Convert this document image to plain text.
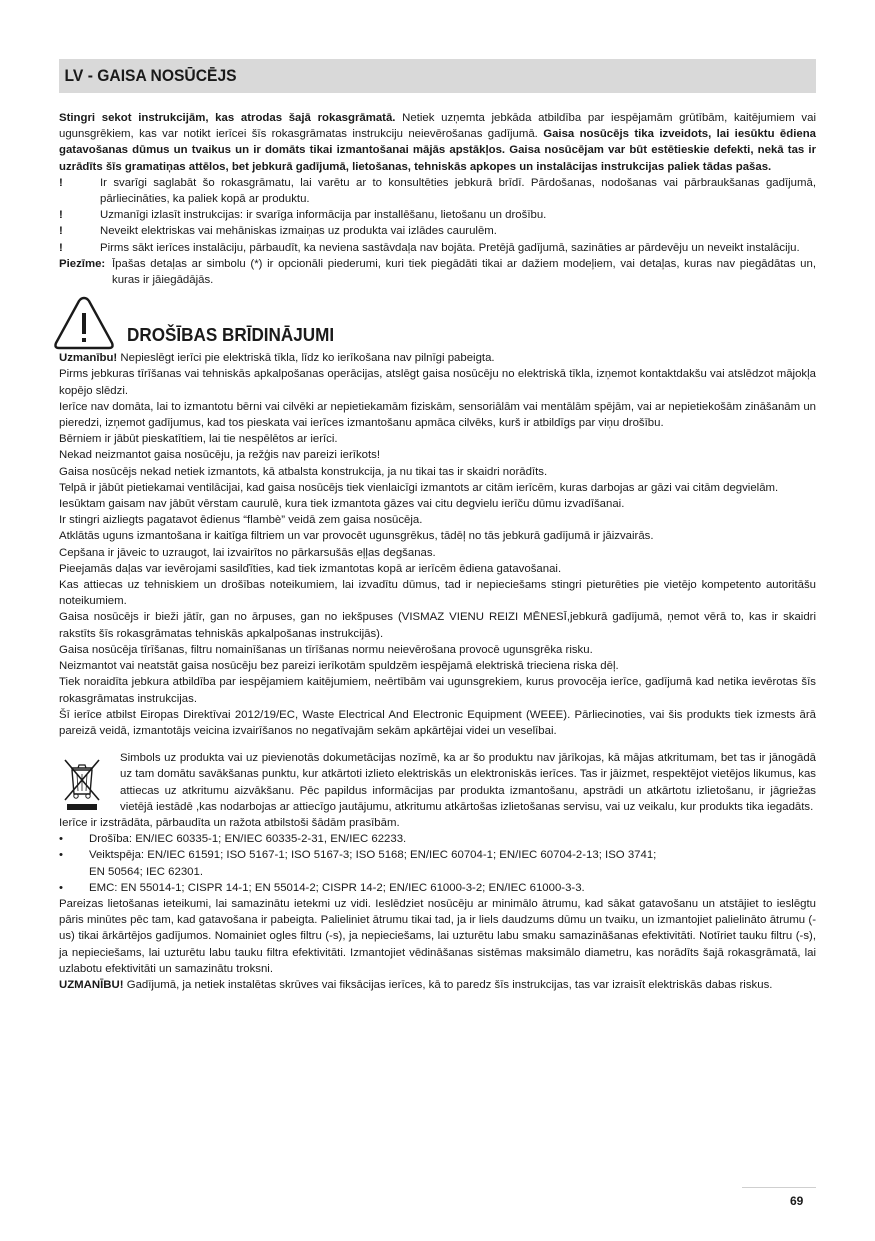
LV - GAISA NOSŪCĒJS

Stingri sekot instrukcijām, kas atrodas šajā rokasgrāmatā. Netiek uzņemta jebkāda atbildība par iespējamām grūtībām, kaitējumiem vai ugunsgrēkiem, kas var notikt ierīcei šīs rokasgrāmatas instrukciju neievērošanas gadījumā. Gaisa nosūcējs tika izveidots, lai iesūktu ēdiena gatavošanas dūmus un tvaikus un ir domāts tikai izmantošanai mājās apstākļos. Gaisa nosūcējam var būt estētieskie defekti, nekā tas ir uzrādīts šīs gramatiņas attēlos, bet jebkurā gadījumā, lietošanas, tehniskās apkopes un instalācijas instrukcijas paliek tādas pašas.

!	Ir svarīgi saglabāt šo rokasgrāmatu, lai varētu ar to konsultēties jebkurā brīdī. Pārdošanas, nodošanas vai pārbraukšanas gadījumā, pārliecināties, ka paliek kopā ar produktu.
!	Uzmanīgi izlasīt instrukcijas: ir svarīga informācija par installēšanu, lietošanu un drošību.
!	Neveikt elektriskas vai mehāniskas izmaiņas uz produkta vai izlādes caurulēm.
!	Pirms sākt ierīces instalāciju, pārbaudīt, ka neviena sastāvdaļa nav bojāta. Pretējā gadījumā, sazināties ar pārdevēju un neveikt instalāciju.
Piezīme: Īpašas detaļas ar simbolu (*) ir opcionāli piederumi, kuri tiek piegādāti tikai ar dažiem modeļiem, vai detaļas, kuras nav piegādātas un, kuras ir jāiegādājās.
DROŠĪBAS BRĪDINĀJUMI

Uzmanību! Nepieslēgt ierīci pie elektriskā tīkla, līdz ko ierīkošana nav pilnīgi pabeigta.

Pirms jebkuras tīrīšanas vai tehniskās apkalpošanas operācijas, atslēgt gaisa nosūcēju no elektriskā tīkla, izņemot kontaktdakšu vai atslēdzot mājokļa kopējo slēdzi.

Ierīce nav domāta, lai to izmantotu bērni vai cilvēki ar nepietiekamām fiziskām, sensoriālām vai mentālām spējām, vai ar nepietiekošām zināšanām un pieredzi, izņemot gadījumus, kad tos pieskata vai ierīces izmantošanu apmāca cilvēks, kurš ir atbildīgs par viņu drošību.

Bērniem ir jābūt pieskatītiem, lai tie nespēlētos ar ierīci.

Nekad neizmantot gaisa nosūcēju, ja režģis nav pareizi ierīkots!

Gaisa nosūcējs nekad netiek izmantots, kā atbalsta konstrukcija, ja nu tikai tas ir skaidri norādīts.

Telpā ir jābūt pietiekamai ventilācijai, kad gaisa nosūcējs tiek vienlaicīgi izmantots ar citām ierīcēm, kuras darbojas ar gāzi vai citām degvielām.

Iesūktam gaisam nav jābūt vērstam caurulē, kura tiek izmantota gāzes vai citu degvielu ierīču dūmu izvadīšanai.

Ir stingri aizliegts pagatavot ēdienus “flambè” veidā zem gaisa nosūcēja.

Atklātās uguns izmantošana ir kaitīga filtriem un var provocēt ugunsgrēkus, tādēļ no tās jebkurā gadījumā ir jāizvairās.

Cepšana ir jāveic to uzraugot, lai izvairītos no pārkarsušās eļļas degšanas.

Pieejamās daļas var ievērojami sasilďīties, kad tiek izmantotas kopā ar ierīcēm ēdiena gatavošanai.

Kas attiecas uz tehniskiem un drošības noteikumiem, lai izvadītu dūmus, tad ir nepieciešams stingri pieturēties pie vietējo kompetento autoritāšu noteikumiem.

Gaisa nosūcējs ir bieži jātīr, gan no ārpuses, gan no iekšpuses (VISMAZ VIENU REIZI MĒNESĪ,jebkurā gadījumā, ņemot vērā to, kas ir skaidri rakstīts šīs rokasgrāmatas tehniskās apkalpošanas instrukcijās).

Gaisa nosūcēja tīrīšanas, filtru nomainīšanas un tīrīšanas normu neievērošana provocē ugunsgrēka risku.

Neizmantot vai neatstāt gaisa nosūcēju bez pareizi ierīkotām spuldzēm iespējamā elektriskā trieciena riska dēļ.

Tiek noraidīta jebkura atbildība par iespējamiem kaitējumiem, neērtībām vai ugunsgrekiem, kurus provocēja ierīce, gadījumā kad netika ievērotas šīs rokasgrāmatas instrukcijas.

Šī ierīce atbilst Eiropas Direktīvai 2012/19/EC, Waste Electrical And Electronic Equipment (WEEE). Pārliecinoties, vai šis produkts tiek izmests ārā pareizā veidā, izmantotājs veicina izvairīšanos no negatīvajām sekām apkārtējai videi un veselībai.

Simbols uz produkta vai uz pievienotās dokumetācijas nozīmē, ka ar šo produktu nav jārīkojas, kā mājas atkritumam, bet tas ir jānogādā uz tam domātu savākšanas punktu, kur atkārtoti izlieto elektriskās un elektroniskās ierīces. Tas ir jāizmet, respektējot vietējos likumus, kas attiecas uz atkritumu aizvākšanu. Pēc papildus informācijas par produkta izmantošanu, apstrādi un atkārtotu izlietošanu, ir jāgriežas vietējā iestādē ,kas nodarbojas ar attiecīgo jautājumu, atkritumu atkārtošas izlietošanas servisu, vai uz veikalu, kur produkts tika iegadāts.

Ierīce ir izstrādāta, pārbaudīta un ražota atbilstoši šādām prasībām.

•	Drošība: EN/IEC 60335-1; EN/IEC 60335-2-31, EN/IEC 62233.
•	Veiktspēja: EN/IEC 61591; ISO 5167-1; ISO 5167-3; ISO 5168; EN/IEC 60704-1; EN/IEC 60704-2-13; ISO 3741;
EN 50564; IEC 62301.
•	EMC: EN 55014-1; CISPR 14-1; EN 55014-2; CISPR 14-2; EN/IEC 61000-3-2; EN/IEC 61000-3-3.

Pareizas lietošanas ieteikumi, lai samazinātu ietekmi uz vidi. Ieslēdziet nosūcēju ar minimālo ātrumu, kad sākat gatavošanu un atstājiet to ieslēgtu pāris minūtes pēc tam, kad gatavošana ir pabeigta. Palieliniet ātrumu tikai tad, ja ir liels daudzums dūmu un tvaiku, un izmantojiet palielināto ātrumu (-us) tikai ārkārtējos gadījumos. Nomainiet ogles filtru (-s), ja nepieciešams, lai uzturētu labu smaku samazināšanas efektivitāti. Notīriet tauku filtru (-s), ja nepieciešams, lai uzturētu labu tauku filtra efektivitāti. Izmantojiet vēdināšanas sistēmas maksimālo diametru, kas norādīts šajā rokasgrāmatā, lai uzlabotu efektivitāti un samazinātu troksni.

UZMANĪBU! Gadījumā, ja netiek instalētas skrūves vai fiksācijas ierīces, kā to paredz šīs instrukcijas, tas var izraisīt elektriskās dabas riskus.

69
